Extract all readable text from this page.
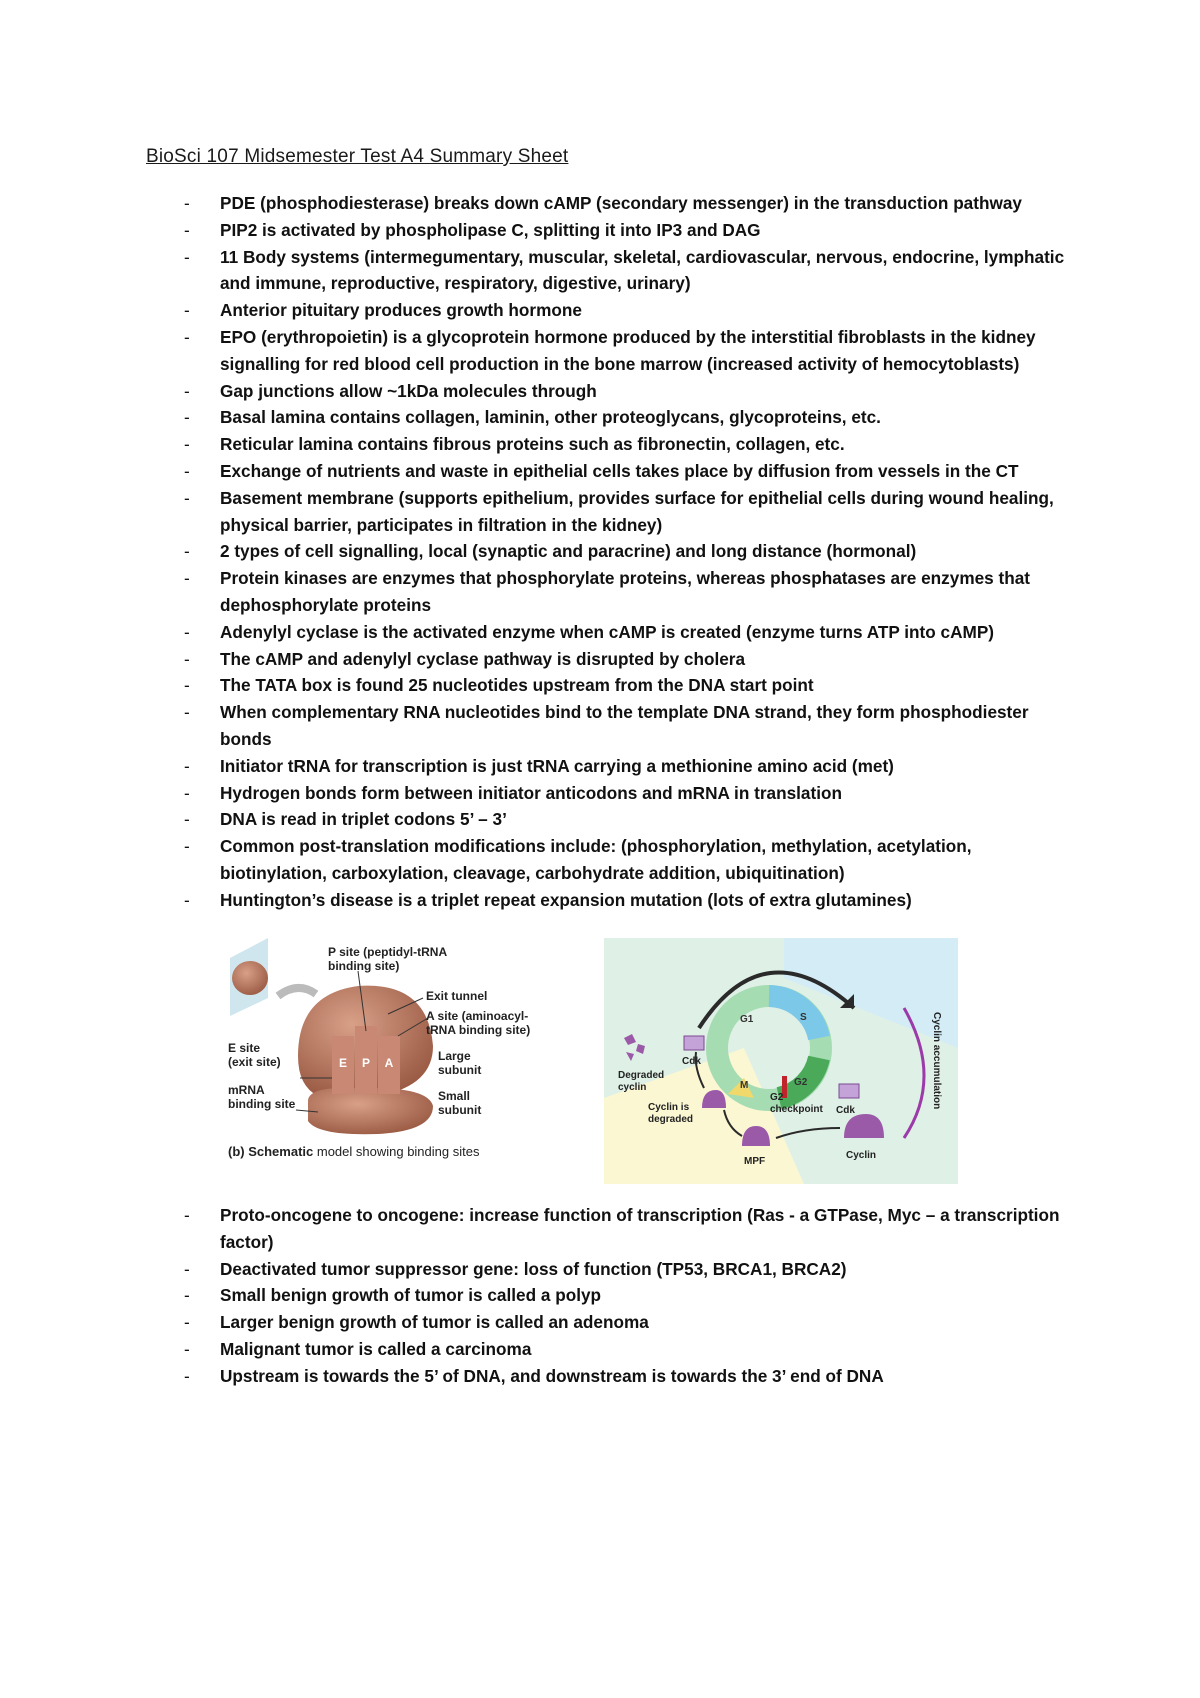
BioSci 107 Midsemester Test A4 Summary Sheet
- PDE (phosphodiesterase) breaks down cAMP (secondary messenger) in the transduction pathway
- PIP2 is activated by phospholipase C, splitting it into IP3 and DAG
- 11 Body systems (intermegumentary, muscular, skeletal, cardiovascular, nervous, endocrine, lymphatic and immune, reproductive, respiratory, digestive, urinary)
- Anterior pituitary produces growth hormone
- EPO (erythropoietin) is a glycoprotein hormone produced by the interstitial fibroblasts in the kidney signalling for red blood cell production in the bone marrow (increased activity of hemocytoblasts)
- Gap junctions allow ~1kDa molecules through
- Basal lamina contains collagen, laminin, other proteoglycans, glycoproteins, etc.
- Reticular lamina contains fibrous proteins such as fibronectin, collagen, etc.
- Exchange of nutrients and waste in epithelial cells takes place by diffusion from vessels in the CT
- Basement membrane (supports epithelium, provides surface for epithelial cells during wound healing, physical barrier, participates in filtration in the kidney)
- 2 types of cell signalling, local (synaptic and paracrine) and long distance (hormonal)
- Protein kinases are enzymes that phosphorylate proteins, whereas phosphatases are enzymes that dephosphorylate proteins
- Adenylyl cyclase is the activated enzyme when cAMP is created (enzyme turns ATP into cAMP)
- The cAMP and adenylyl cyclase pathway is disrupted by cholera
- The TATA box is found 25 nucleotides upstream from the DNA start point
- When complementary RNA nucleotides bind to the template DNA strand, they form phosphodiester bonds
- Initiator tRNA for transcription is just tRNA carrying a methionine amino acid (met)
- Hydrogen bonds form between initiator anticodons and mRNA in translation
- DNA is read in triplet codons 5’ – 3’
- Common post-translation modifications include: (phosphorylation, methylation, acetylation, biotinylation, carboxylation, cleavage, carbohydrate addition, ubiquitination)
- Huntington’s disease is a triplet repeat expansion mutation (lots of extra glutamines)
E P A
P site (peptidyl-tRNA
binding site)
Exit tunnel
A site (aminoacyl-
tRNA binding site)
E site
(exit site)
mRNA
binding site
Large
subunit
Small
subunit
(b) Schematic model showing binding sites
G1	S
G2
M
Cdk
Cdk
Degraded
cyclin
Cyclin is
degraded
MPF
Cyclin
G2
checkpoint
Cyclin accumulation
- Proto-oncogene to oncogene: increase function of transcription (Ras - a GTPase, Myc – a transcription factor)
- Deactivated tumor suppressor gene: loss of function (TP53, BRCA1, BRCA2)
- Small benign growth of tumor is called a polyp
- Larger benign growth of tumor is called an adenoma
- Malignant tumor is called a carcinoma
- Upstream is towards the 5’ of DNA, and downstream is towards the 3’ end of DNA
